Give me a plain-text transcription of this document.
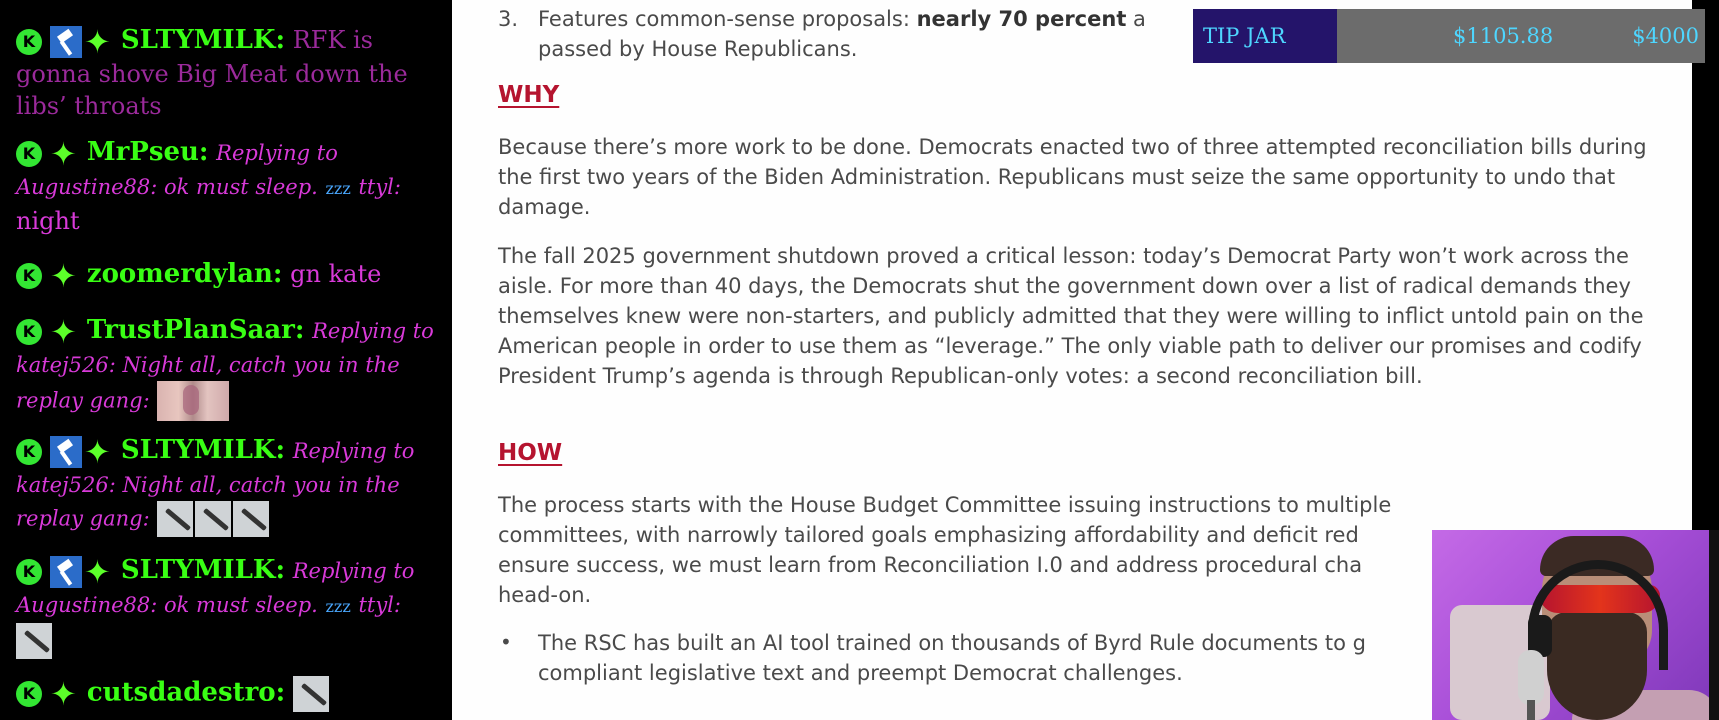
K ✦ SLTYMILK: RFK is gonna shove Big Meat down the libs’ throats
K ✦ MrPseu: Replying to Augustine88: ok must sleep. zzz ttyl:
night
K ✦ zoomerdylan: gn kate
K ✦ TrustPlanSaar: Replying to katej526: Night all, catch you in the replay gang:
K ✦ SLTYMILK: Replying to katej526: Night all, catch you in the replay gang:
K ✦ SLTYMILK: Replying to Augustine88: ok must sleep. zzz ttyl:

K ✦ cutsdadestro:
3. Features common-sense proposals: nearly 70 percent a
passed by House Republicans.
WHY
Because there’s more work to be done. Democrats enacted two of three attempted reconciliation bills during the first two years of the Biden Administration. Republicans must seize the same opportunity to undo that damage.
The fall 2025 government shutdown proved a critical lesson: today’s Democrat Party won’t work across the aisle. For more than 40 days, the Democrats shut the government down over a list of radical demands they themselves knew were non-starters, and publicly admitted that they were willing to inflict untold pain on the American people in order to use them as “leverage.” The only viable path to deliver our promises and codify President Trump’s agenda is through Republican-only votes: a second reconciliation bill.
HOW
The process starts with the House Budget Committee issuing instructions to multiple
committees, with narrowly tailored goals emphasizing affordability and deficit red
ensure success, we must learn from Reconciliation I.0 and address procedural cha
head-on.
• The RSC has built an AI tool trained on thousands of Byrd Rule documents to g
compliant legislative text and preempt Democrat challenges.
TIP JAR	$1105.88	$4000
